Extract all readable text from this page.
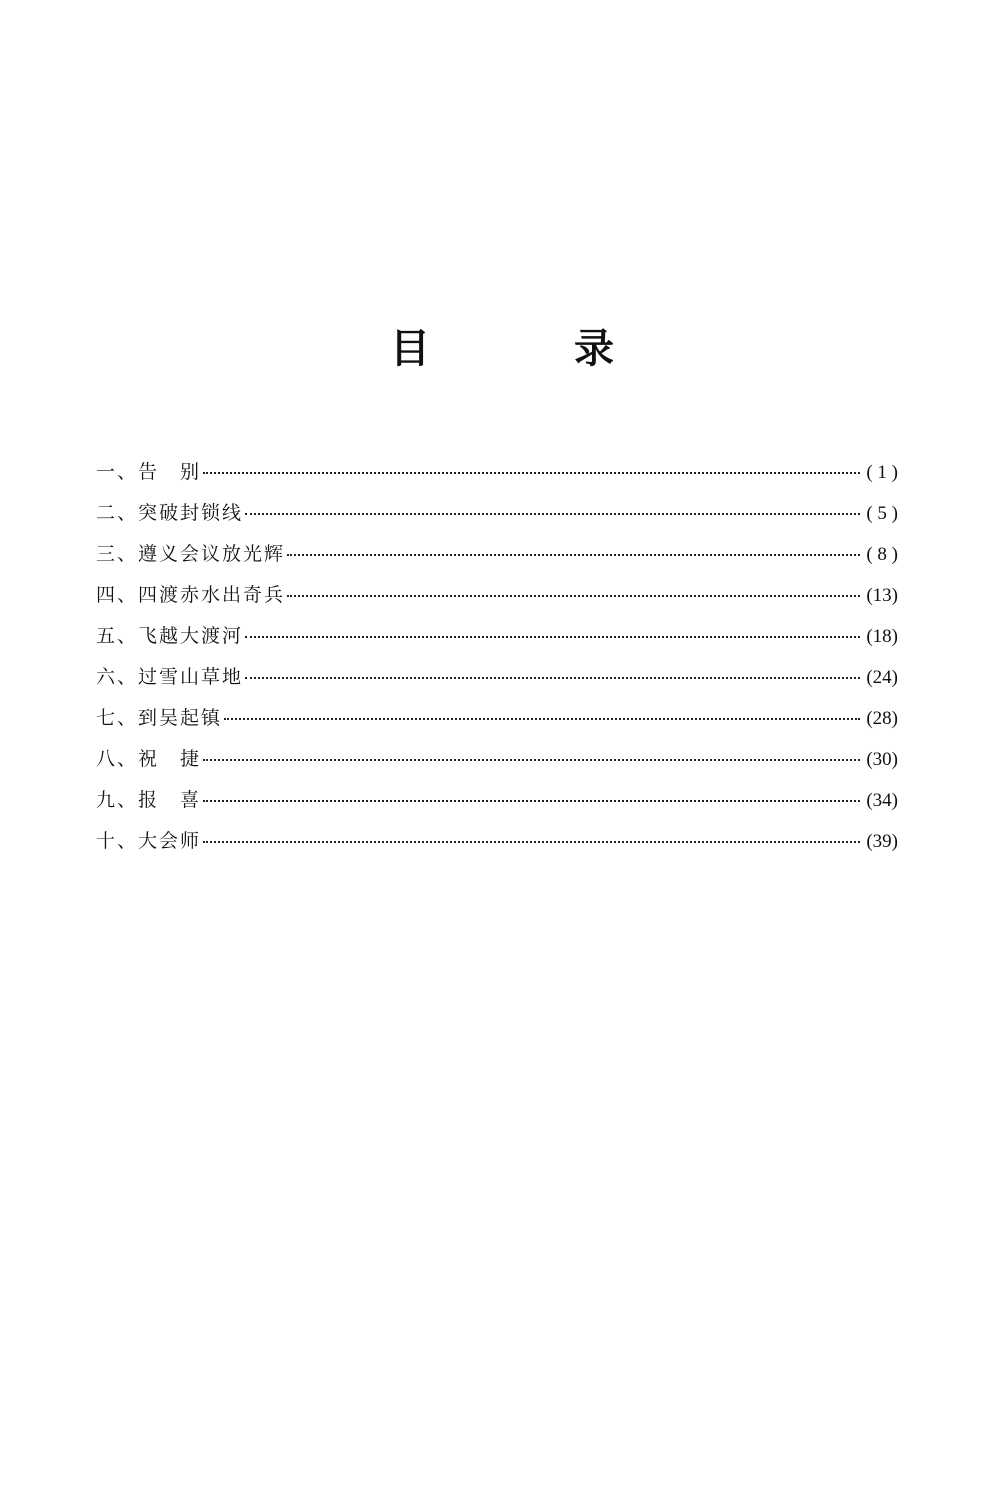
目	录
一、告　别	( 1 )
二、突破封锁线	( 5 )
三、遵义会议放光辉	( 8 )
四、四渡赤水出奇兵	(13)
五、飞越大渡河	(18)
六、过雪山草地	(24)
七、到吴起镇	(28)
八、祝　捷	(30)
九、报　喜	(34)
十、大会师	(39)
